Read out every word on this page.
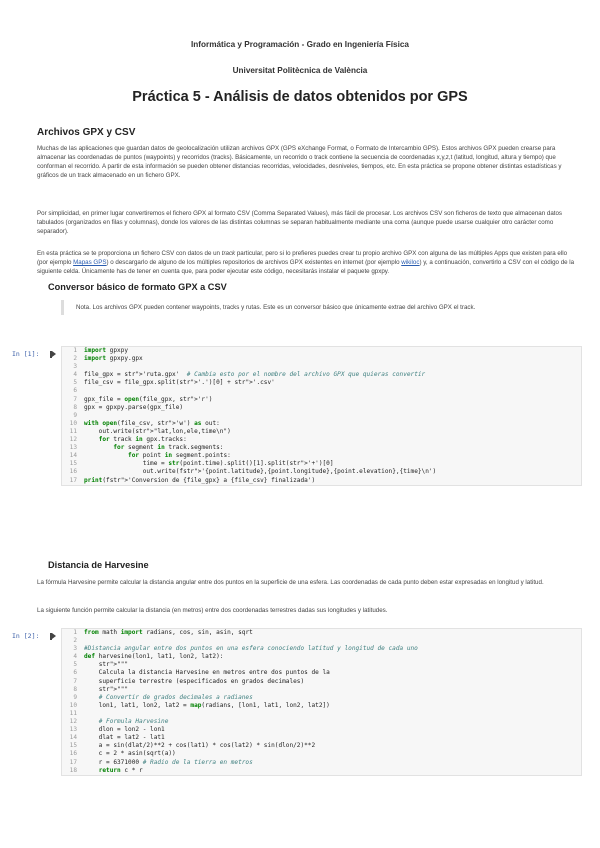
Informática y Programación - Grado en Ingeniería Física
Universitat Politècnica de València
Práctica 5 - Análisis de datos obtenidos por GPS
Archivos GPX y CSV
Muchas de las aplicaciones que guardan datos de geolocalización utilizan archivos GPX (GPS eXchange Format, o Formato de Intercambio GPS). Estos archivos GPX pueden crearse para almacenar las coordenadas de puntos (waypoints) y recorridos (tracks). Básicamente, un recorrido o track contiene la secuencia de coordenadas x,y,z,t (latitud, longitud, altura y tiempo) que conforman el recorrido. A partir de esta información se pueden obtener distancias recorridas, velocidades, desniveles, tiempos, etc. En esta práctica se propone obtener distintas estadísticas y gráficos de un track almacenado en un fichero GPX.
Por simplicidad, en primer lugar convertiremos el fichero GPX al formato CSV (Comma Separated Values), más fácil de procesar. Los archivos CSV son ficheros de texto que almacenan datos tabulados (organizados en filas y columnas), donde los valores de las distintas columnas se separan habitualmente mediante una coma (aunque puede usarse cualquier otro carácter como separador).
En esta práctica se te proporciona un fichero CSV con datos de un track particular, pero si lo prefieres puedes crear tu propio archivo GPX con alguna de las múltiples Apps que existen para ello (por ejemplo Mapas GPS) o descargarlo de alguno de los múltiples repositorios de archivos GPX existentes en internet (por ejemplo wikiloc) y, a continuación, convertirlo a CSV con el código de la siguiente celda. Únicamente has de tener en cuenta que, para poder ejecutar este código, necesitarás instalar el paquete gpxpy.
Conversor básico de formato GPX a CSV
Nota. Los archivos GPX pueden contener waypoints, tracks y rutas. Este es un conversor básico que únicamente extrae del archivo GPX el track.
In [1]:	1	import gpxpy
2	import gpxpy.gpx
3
4	file_gpx = str">'ruta.gpx'  # Cambia esto por el nombre del archivo GPX que quieras convertir
5	file_csv = file_gpx.split(str">'.')[0] + str">'.csv'
6
7	gpx_file = open(file_gpx, str">'r')
8	gpx = gpxpy.parse(gpx_file)
9
10	with open(file_csv, str">'w') as out:
11	out.write(str">"lat,lon,ele,time\n")
12	for track in gpx.tracks:
13	for segment in track.segments:
14	for point in segment.points:
15	time = str(point.time).split()[1].split(str">'+')[0]
16	out.write(fstr">'{point.latitude},{point.longitude},{point.elevation},{time}\n')
17	print(fstr">'Conversion de {file_gpx} a {file_csv} finalizada')
Distancia de Harvesine
La fórmula Harvesine permite calcular la distancia angular entre dos puntos en la superficie de una esfera. Las coordenadas de cada punto deben estar expresadas en longitud y latitud.
La siguiente función permite calcular la distancia (en metros) entre dos coordenadas terrestres dadas sus longitudes y latitudes.
In [2]:	1	from math import radians, cos, sin, asin, sqrt
2
3	#Distancia angular entre dos puntos en una esfera conociendo latitud y longitud de cada uno
4	def harvesine(lon1, lat1, lon2, lat2):
5	str">"""
6	Calcula la distancia Harvesine en metros entre dos puntos de la
7	superficie terrestre (especificados en grados decimales)
8	str">"""
9	# Convertir de grados decimales a radianes
10	lon1, lat1, lon2, lat2 = map(radians, [lon1, lat1, lon2, lat2])
11
12	# Formula Harvesine
13	dlon = lon2 - lon1
14	dlat = lat2 - lat1
15	a = sin(dlat/2)**2 + cos(lat1) * cos(lat2) * sin(dlon/2)**2
16	c = 2 * asin(sqrt(a))
17	r = 6371000 # Radio de la tierra en metros
18	return c * r
